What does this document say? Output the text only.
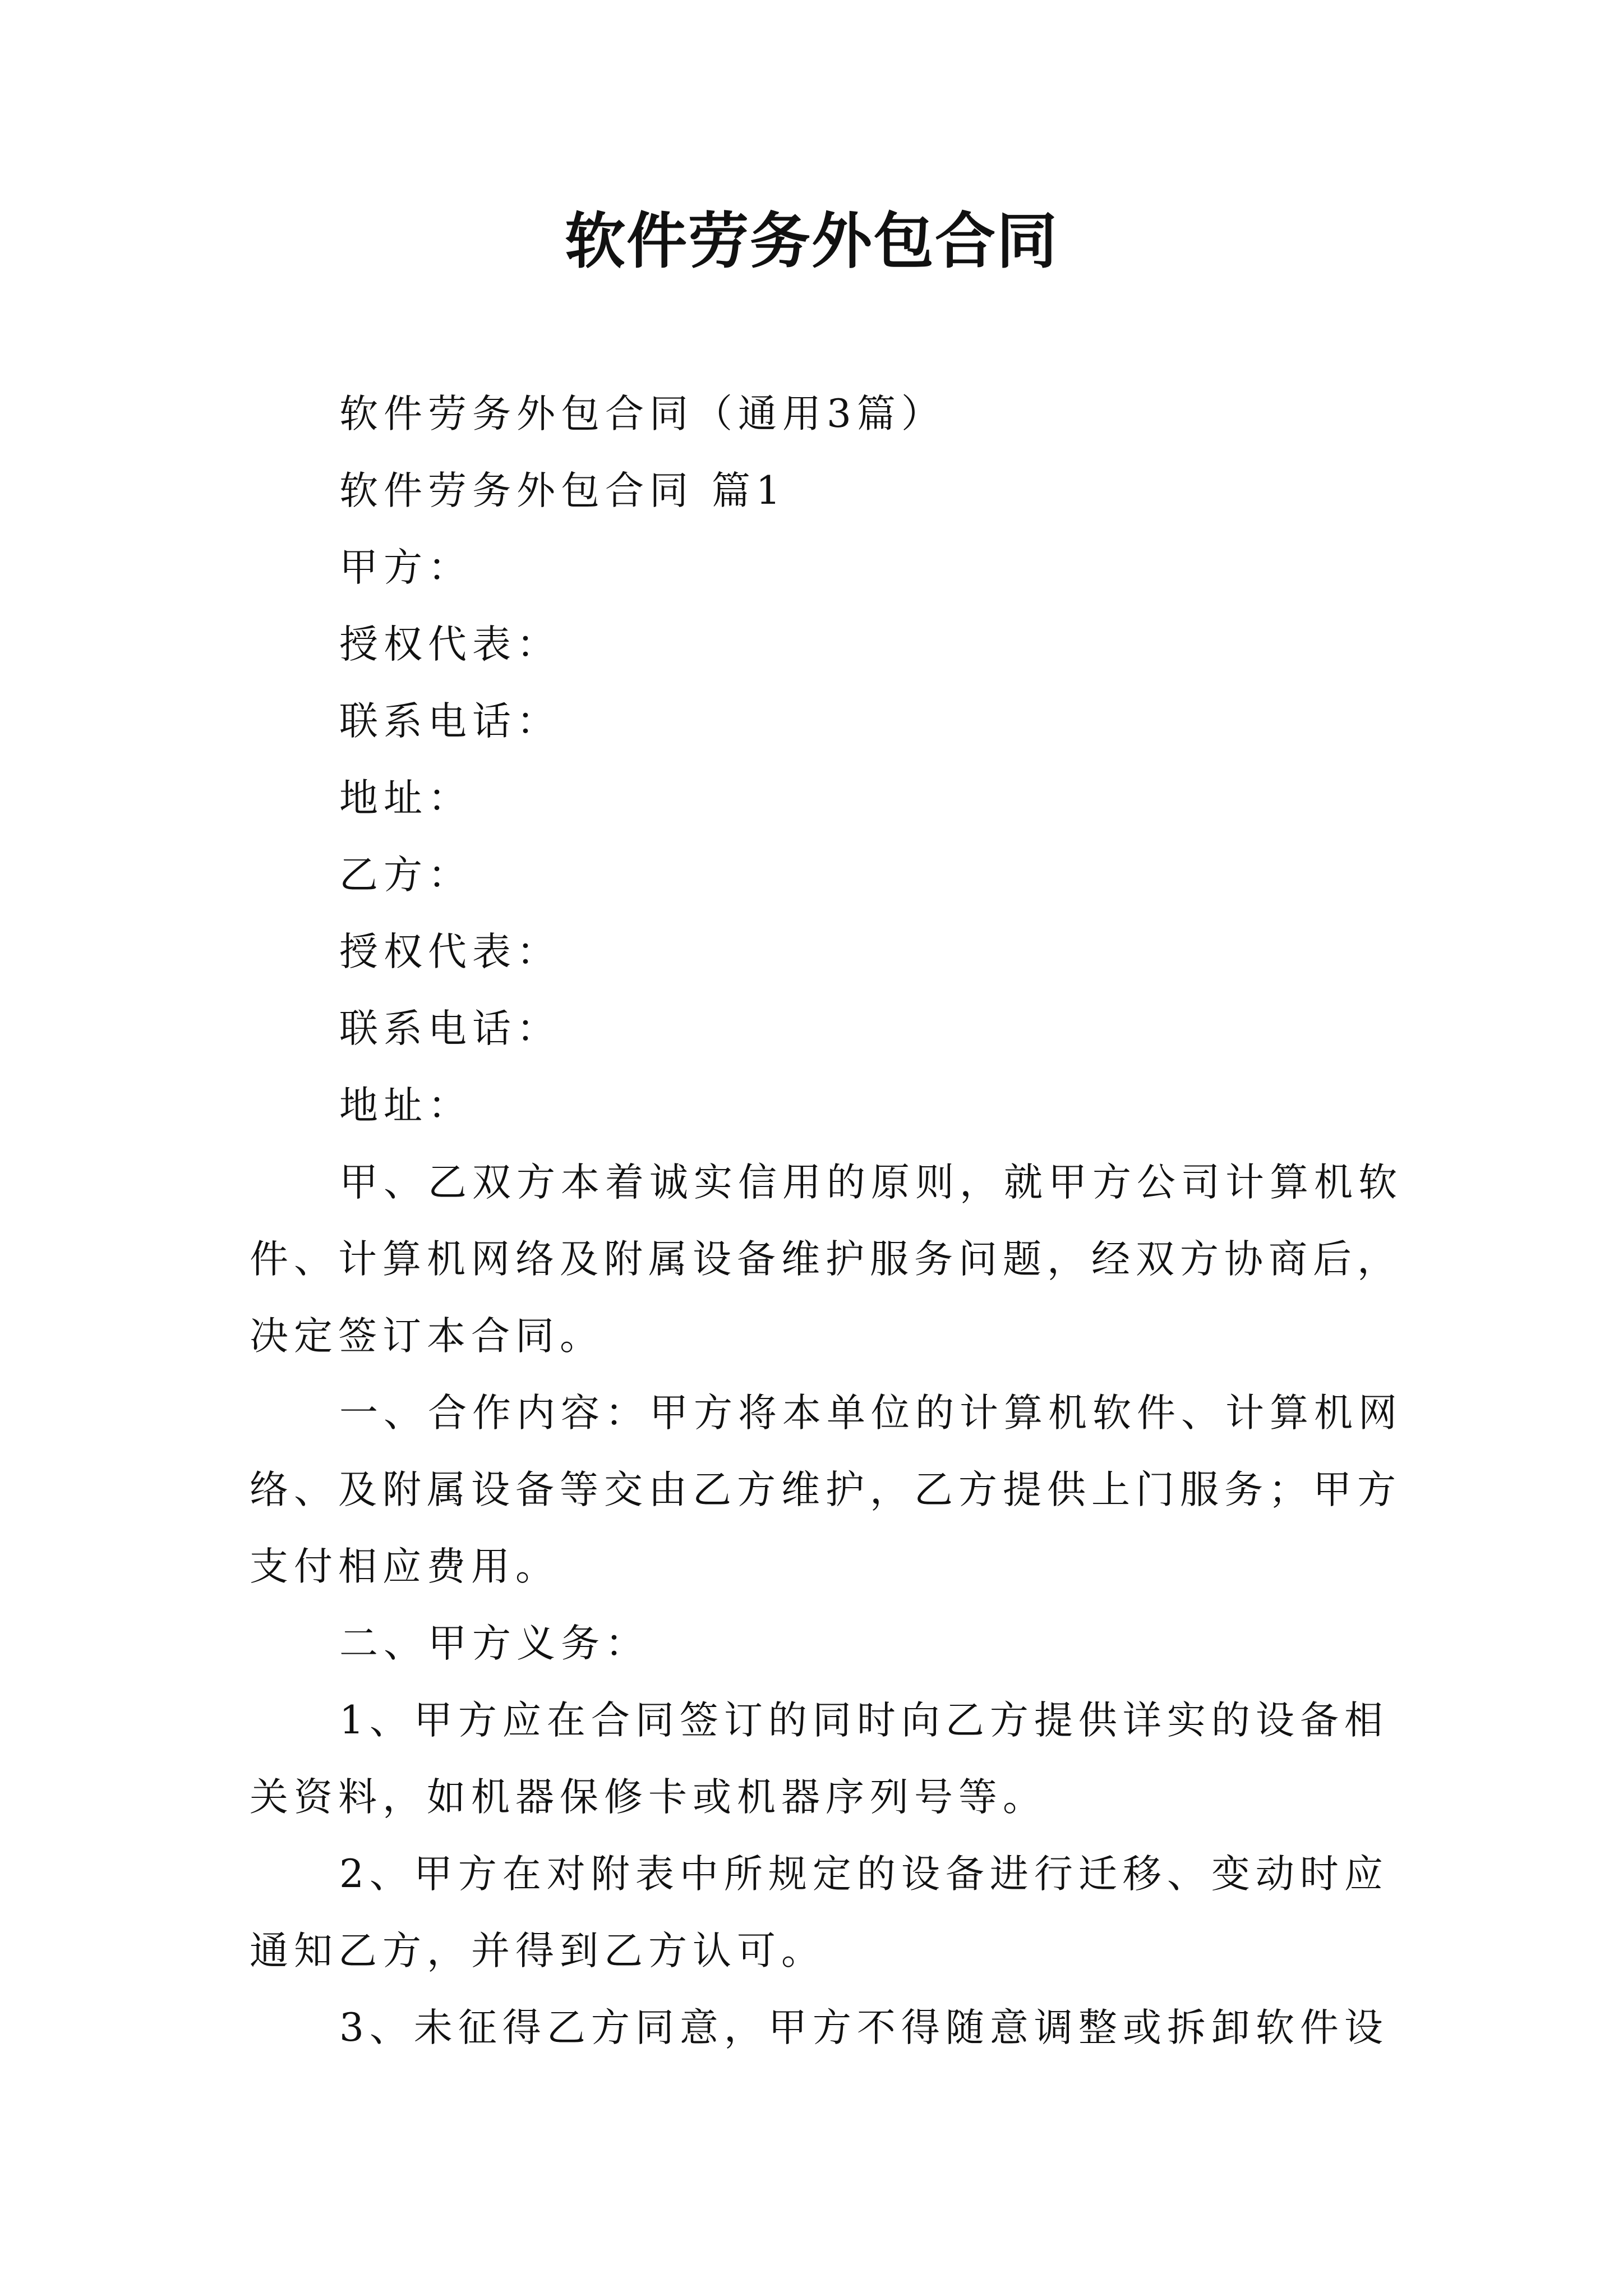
软件劳务外包合同

软件劳务外包合同（通用3篇）

软件劳务外包合同 篇1

甲方：

授权代表：

联系电话：

地址：

乙方：

授权代表：

联系电话：

地址：

甲、乙双方本着诚实信用的原则，就甲方公司计算机软件、计算机网络及附属设备维护服务问题，经双方协商后，决定签订本合同。

一、合作内容：甲方将本单位的计算机软件、计算机网络、及附属设备等交由乙方维护，乙方提供上门服务；甲方支付相应费用。

二、甲方义务：

1、甲方应在合同签订的同时向乙方提供详实的设备相关资料，如机器保修卡或机器序列号等。

2、甲方在对附表中所规定的设备进行迁移、变动时应通知乙方，并得到乙方认可。

3、未征得乙方同意，甲方不得随意调整或拆卸软件设
